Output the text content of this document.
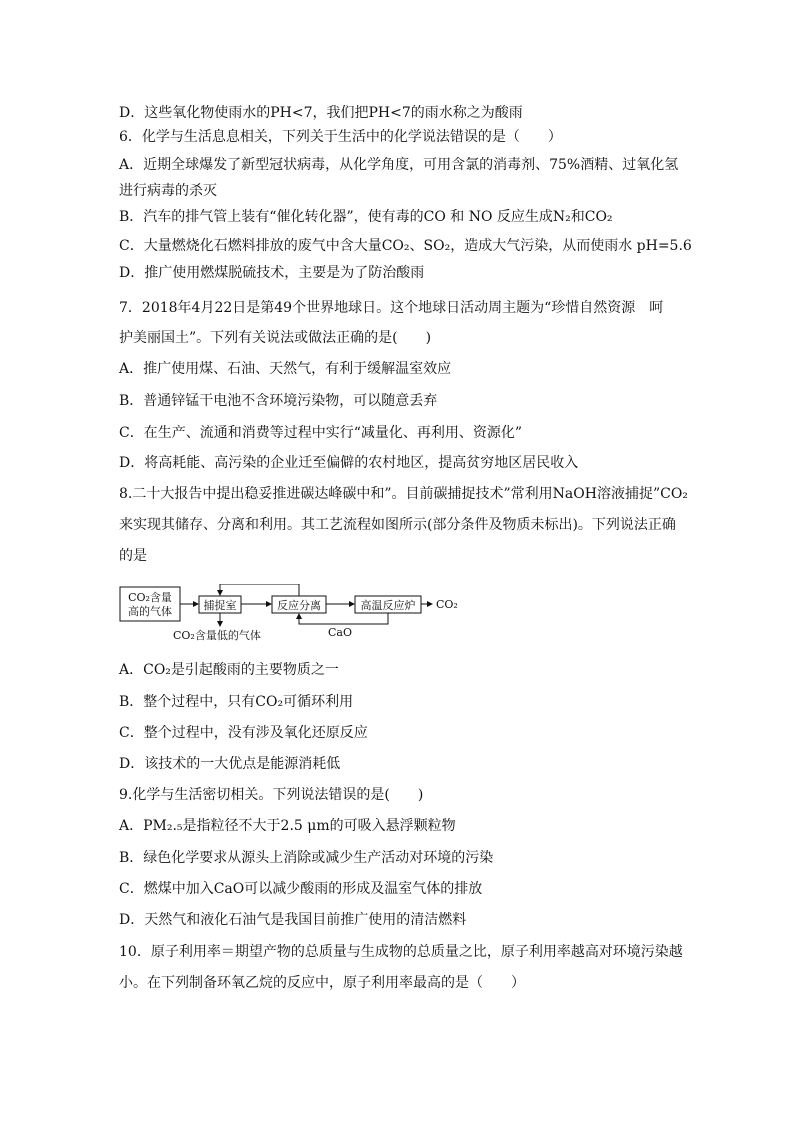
D．这些氧化物使雨水的PH<7，我们把PH<7的雨水称之为酸雨
6．化学与生活息息相关，下列关于生活中的化学说法错误的是（　　）
A．近期全球爆发了新型冠状病毒，从化学角度，可用含氯的消毒剂、75%酒精、过氧化氢
进行病毒的杀灭
B．汽车的排气管上装有“催化转化器”，使有毒的CO 和 NO 反应生成N₂和CO₂
C．大量燃烧化石燃料排放的废气中含大量CO₂、SO₂，造成大气污染，从而使雨水 pH=5.6
D．推广使用燃煤脱硫技术，主要是为了防治酸雨
7．2018年4月22日是第49个世界地球日。这个地球日活动周主题为“珍惜自然资源　呵
护美丽国土”。下列有关说法或做法正确的是(　　)
A．推广使用煤、石油、天然气，有利于缓解温室效应
B．普通锌锰干电池不含环境污染物，可以随意丢弃
C．在生产、流通和消费等过程中实行“减量化、再利用、资源化”
D．将高耗能、高污染的企业迁至偏僻的农村地区，提高贫穷地区居民收入
8.二十大报告中提出稳妥推进碳达峰碳中和”。目前碳捕捉技术”常利用NaOH溶液捕捉”CO₂
来实现其储存、分离和利用。其工艺流程如图所示(部分条件及物质未标出)。下列说法正确
的是
CO₂含量
高的气体	捕捉室	反应分离	高温反应炉 CO₂
CaO
CO₂含量低的气体
A．CO₂是引起酸雨的主要物质之一
B．整个过程中，只有CO₂可循环利用
C．整个过程中，没有涉及氧化还原反应
D．该技术的一大优点是能源消耗低
9.化学与生活密切相关。下列说法错误的是(　　)
A．PM₂.₅是指粒径不大于2.5 μm的可吸入悬浮颗粒物
B．绿色化学要求从源头上消除或减少生产活动对环境的污染
C．燃煤中加入CaO可以减少酸雨的形成及温室气体的排放
D．天然气和液化石油气是我国目前推广使用的清洁燃料
10．原子利用率＝期望产物的总质量与生成物的总质量之比，原子利用率越高对环境污染越
小。在下列制备环氧乙烷的反应中，原子利用率最高的是（　　）
